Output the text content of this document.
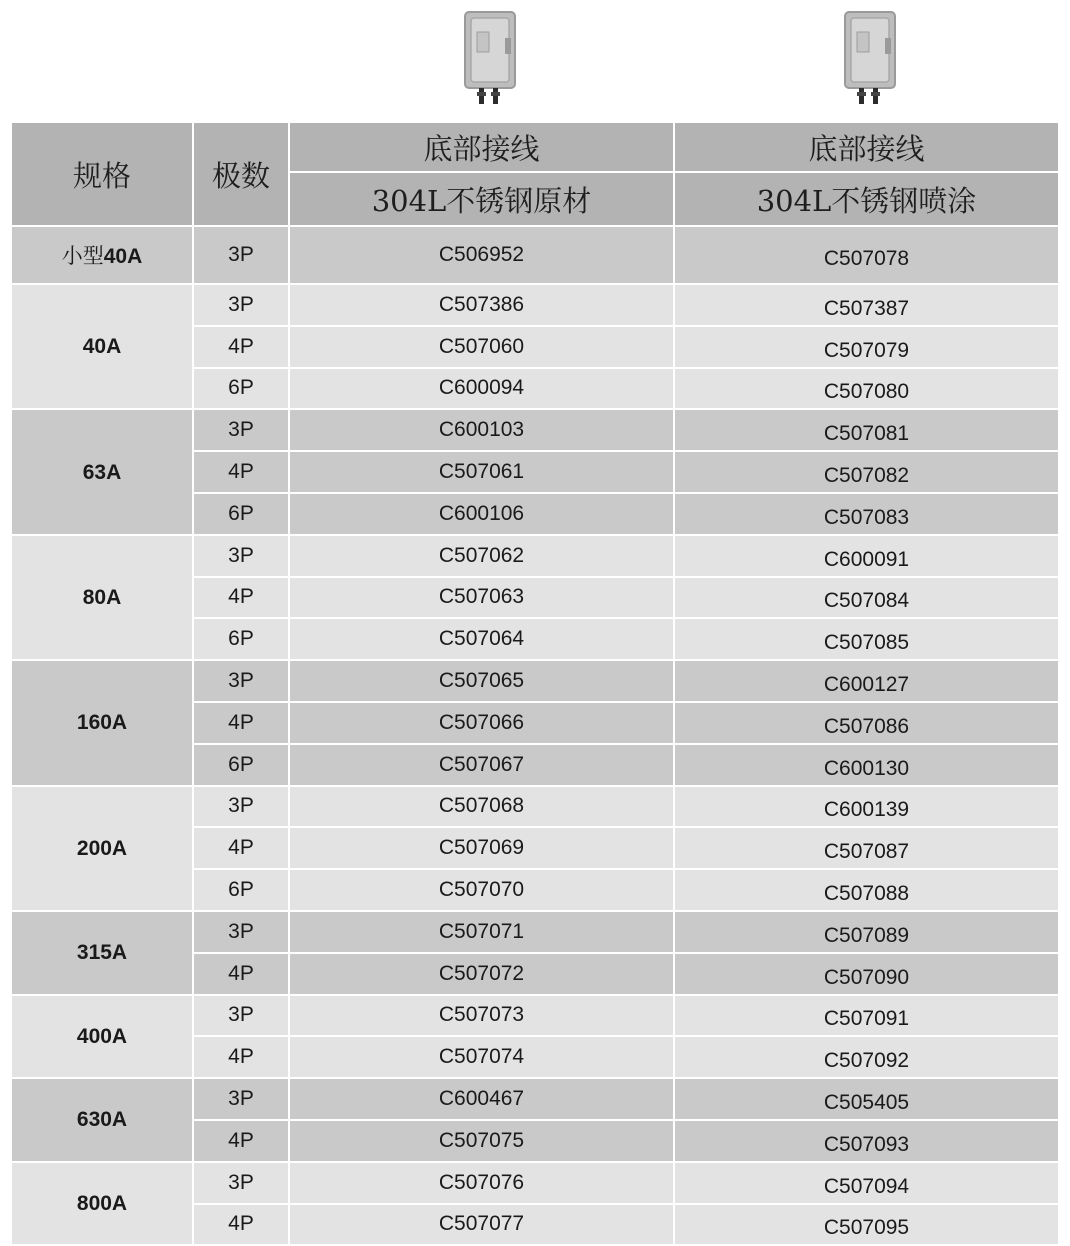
规格	极数	底部接线	底部接线
		304L不锈钢原材	304L不锈钢喷涂
小型40A	3P	C506952	C507078
40A	3P	C507386	C507387
	4P	C507060	C507079
	6P	C600094	C507080
63A	3P	C600103	C507081
	4P	C507061	C507082
	6P	C600106	C507083
80A	3P	C507062	C600091
	4P	C507063	C507084
	6P	C507064	C507085
160A	3P	C507065	C600127
	4P	C507066	C507086
	6P	C507067	C600130
200A	3P	C507068	C600139
	4P	C507069	C507087
	6P	C507070	C507088
315A	3P	C507071	C507089
	4P	C507072	C507090
400A	3P	C507073	C507091
	4P	C507074	C507092
630A	3P	C600467	C505405
	4P	C507075	C507093
800A	3P	C507076	C507094
	4P	C507077	C507095
